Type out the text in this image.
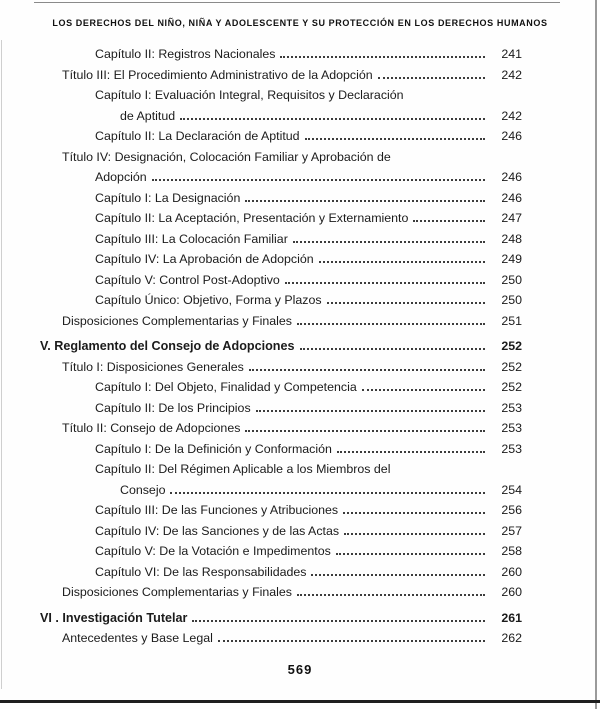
LOS DERECHOS DEL NIÑO, NIÑA Y ADOLESCENTE Y SU PROTECCIÓN EN LOS DERECHOS HUMANOS
Capítulo II: Registros Nacionales	241
Título III: El Procedimiento Administrativo de la Adopción	242
Capítulo I: Evaluación Integral, Requisitos y Declaración
de Aptitud	242
Capítulo II: La Declaración de Aptitud	246
Título IV: Designación, Colocación Familiar y Aprobación de
Adopción	246
Capítulo I: La Designación	246
Capítulo II: La Aceptación, Presentación y Externamiento	247
Capítulo III: La Colocación Familiar	248
Capítulo IV: La Aprobación de Adopción	249
Capítulo V: Control Post-Adoptivo	250
Capítulo Único: Objetivo, Forma y Plazos	250
Disposiciones Complementarias y Finales	251
V. Reglamento del Consejo de Adopciones	252
Título I: Disposiciones Generales	252
Capítulo I: Del Objeto, Finalidad y Competencia	252
Capítulo II: De los Principios	253
Título II: Consejo de Adopciones	253
Capítulo I: De la Definición y Conformación	253
Capítulo II: Del Régimen Aplicable a los Miembros del
Consejo	254
Capítulo III: De las Funciones y Atribuciones	256
Capítulo IV: De las Sanciones y de las Actas	257
Capítulo V: De la Votación e Impedimentos	258
Capítulo VI: De las Responsabilidades	260
Disposiciones Complementarias y Finales	260
VI . Investigación Tutelar	261
Antecedentes y Base Legal	262
569
